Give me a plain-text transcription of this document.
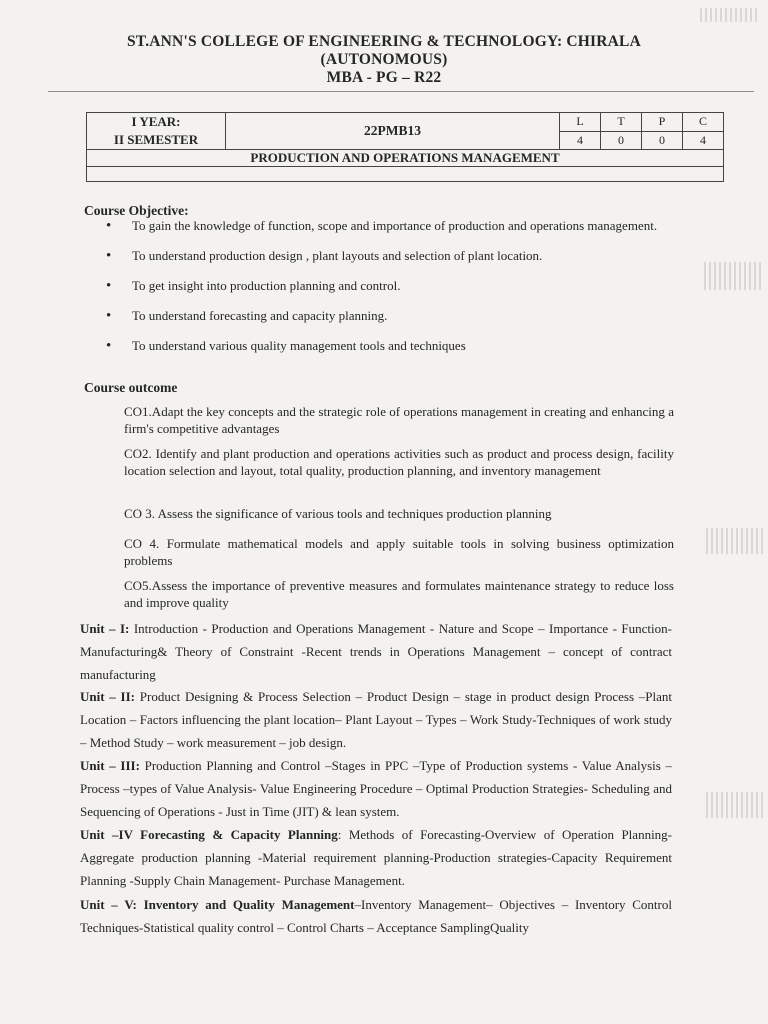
ST.ANN'S COLLEGE OF ENGINEERING & TECHNOLOGY: CHIRALA
(AUTONOMOUS)
MBA - PG – R22
I YEAR:
II SEMESTER	22PMB13	L	T	P	C
		4	0	0	4
PRODUCTION AND OPERATIONS MANAGEMENT					

Course Objective:
• To gain the knowledge of function, scope and importance of production and operations management.
• To understand production design , plant layouts and selection of plant location.
• To get insight into production planning and control.
• To understand forecasting and capacity planning.
• To understand various quality management tools and techniques
Course outcome
CO1.Adapt the key concepts and the strategic role of operations management in creating and enhancing a firm's competitive advantages
CO2. Identify and plant production and operations activities such as product and process design, facility location selection and layout, total quality, production planning, and inventory management
CO 3. Assess the significance of various tools and techniques production planning
CO 4. Formulate mathematical models and apply suitable tools in solving business optimization problems
CO5.Assess the importance of preventive measures and formulates maintenance strategy to reduce loss and improve quality
Unit – I: Introduction - Production and Operations Management - Nature and Scope – Importance - Function-Manufacturing& Theory of Constraint -Recent trends in Operations Management – concept of contract manufacturing
Unit – II: Product Designing & Process Selection – Product Design – stage in product design Process –Plant Location – Factors influencing the plant location– Plant Layout – Types – Work Study-Techniques of work study – Method Study – work measurement – job design.
Unit – III: Production Planning and Control –Stages in PPC –Type of Production systems - Value Analysis – Process –types of Value Analysis- Value Engineering Procedure – Optimal Production Strategies- Scheduling and Sequencing of Operations - Just in Time (JIT) & lean system.
Unit –IV Forecasting & Capacity Planning: Methods of Forecasting-Overview of Operation Planning- Aggregate production planning -Material requirement planning-Production strategies-Capacity Requirement Planning -Supply Chain Management- Purchase Management.
Unit – V: Inventory and Quality Management–Inventory Management– Objectives – Inventory Control Techniques-Statistical quality control – Control Charts – Acceptance SamplingQuality
